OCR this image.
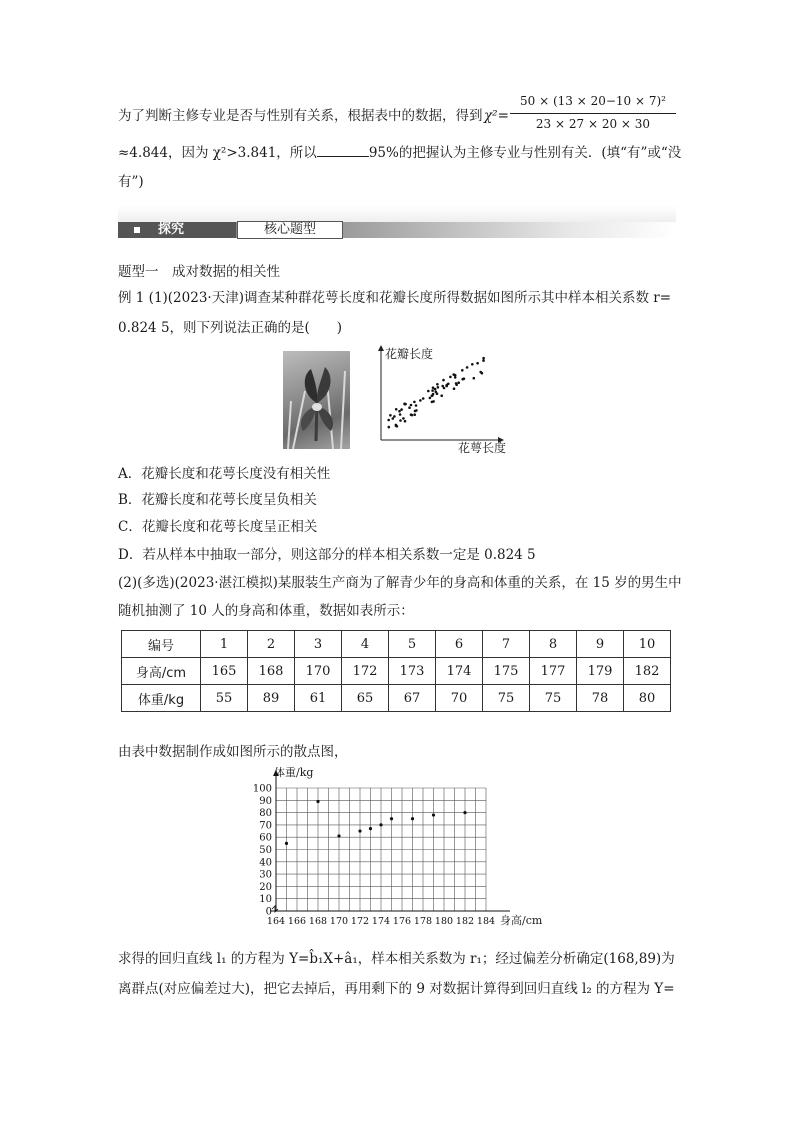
为了判断主修专业是否与性别有关系，根据表中的数据，得到 χ²=
50 × (13 × 20−10 × 7)²
23 × 27 × 20 × 30
≈4.844，因为 χ²>3.841，所以	95%的把握认为主修专业与性别有关．(填“有”或“没
有”)
探究	核心题型
题型一　成对数据的相关性
例 1 (1)(2023·天津)调查某种群花萼长度和花瓣长度所得数据如图所示其中样本相关系数 r=
0.824 5，则下列说法正确的是(　　)
花瓣长度
花萼长度
A．花瓣长度和花萼长度没有相关性
B．花瓣长度和花萼长度呈负相关
C．花瓣长度和花萼长度呈正相关
D．若从样本中抽取一部分，则这部分的样本相关系数一定是 0.824 5
(2)(多选)(2023·湛江模拟)某服装生产商为了解青少年的身高和体重的关系，在 15 岁的男生中
随机抽测了 10 人的身高和体重，数据如表所示：
编号	1	2	3	4	5	6	7	8	9	10
身高/cm	165	168	170	172	173	174	175	177	179	182
体重/kg	55	89	61	65	67	70	75	75	78	80
由表中数据制作成如图所示的散点图，
0
10
20
30
40
50
60
70
80
90
100
164 166 168 170 172 174 176 178 180 182 184
体重/kg
身高/cm
求得的回归直线 l₁ 的方程为 Y=b̂₁X+â₁，样本相关系数为 r₁；经过偏差分析确定(168,89)为
离群点(对应偏差过大)，把它去掉后，再用剩下的 9 对数据计算得到回归直线 l₂ 的方程为 Y=
